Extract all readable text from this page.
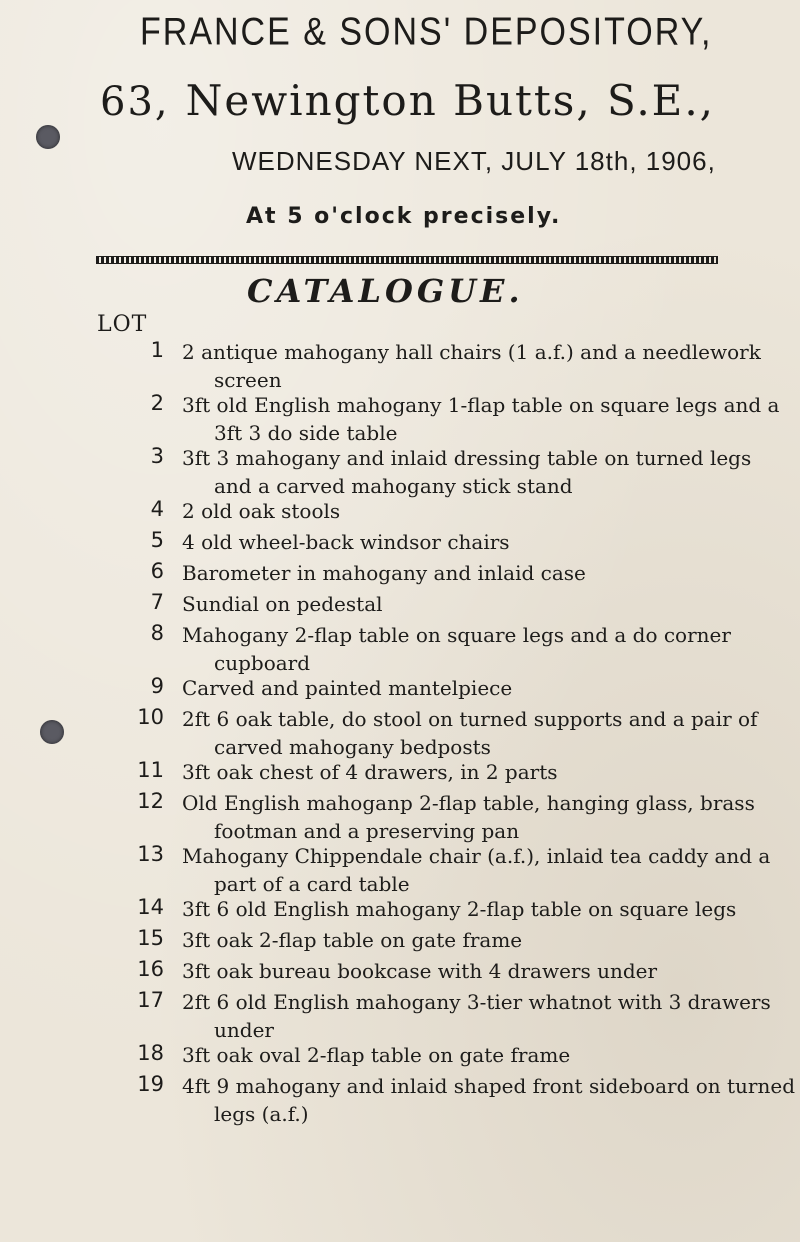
FRANCE & SONS' DEPOSITORY,
63, Newington Butts, S.E.,
WEDNESDAY NEXT, JULY 18th, 1906,
At 5 o'clock precisely.
CATALOGUE.
LOT
1 2 antique mahogany hall chairs (1 a.f.) and a needlework
screen
2 3ft old English mahogany 1-flap table on square legs and a
3ft 3 do side table
3 3ft 3 mahogany and inlaid dressing table on turned legs
and a carved mahogany stick stand
4 2 old oak stools
5 4 old wheel-back windsor chairs
6 Barometer in mahogany and inlaid case
7 Sundial on pedestal
8 Mahogany 2-flap table on square legs and a do corner
cupboard
9 Carved and painted mantelpiece
10 2ft 6 oak table, do stool on turned supports and a pair of
carved mahogany bedposts
11 3ft oak chest of 4 drawers, in 2 parts
12 Old English mahoganp 2-flap table, hanging glass, brass
footman and a preserving pan
13 Mahogany Chippendale chair (a.f.), inlaid tea caddy and a
part of a card table
14 3ft 6 old English mahogany 2-flap table on square legs
15 3ft oak 2-flap table on gate frame
16 3ft oak bureau bookcase with 4 drawers under
17 2ft 6 old English mahogany 3-tier whatnot with 3 drawers
under
18 3ft oak oval 2-flap table on gate frame
19 4ft 9 mahogany and inlaid shaped front sideboard on turned
legs (a.f.)
